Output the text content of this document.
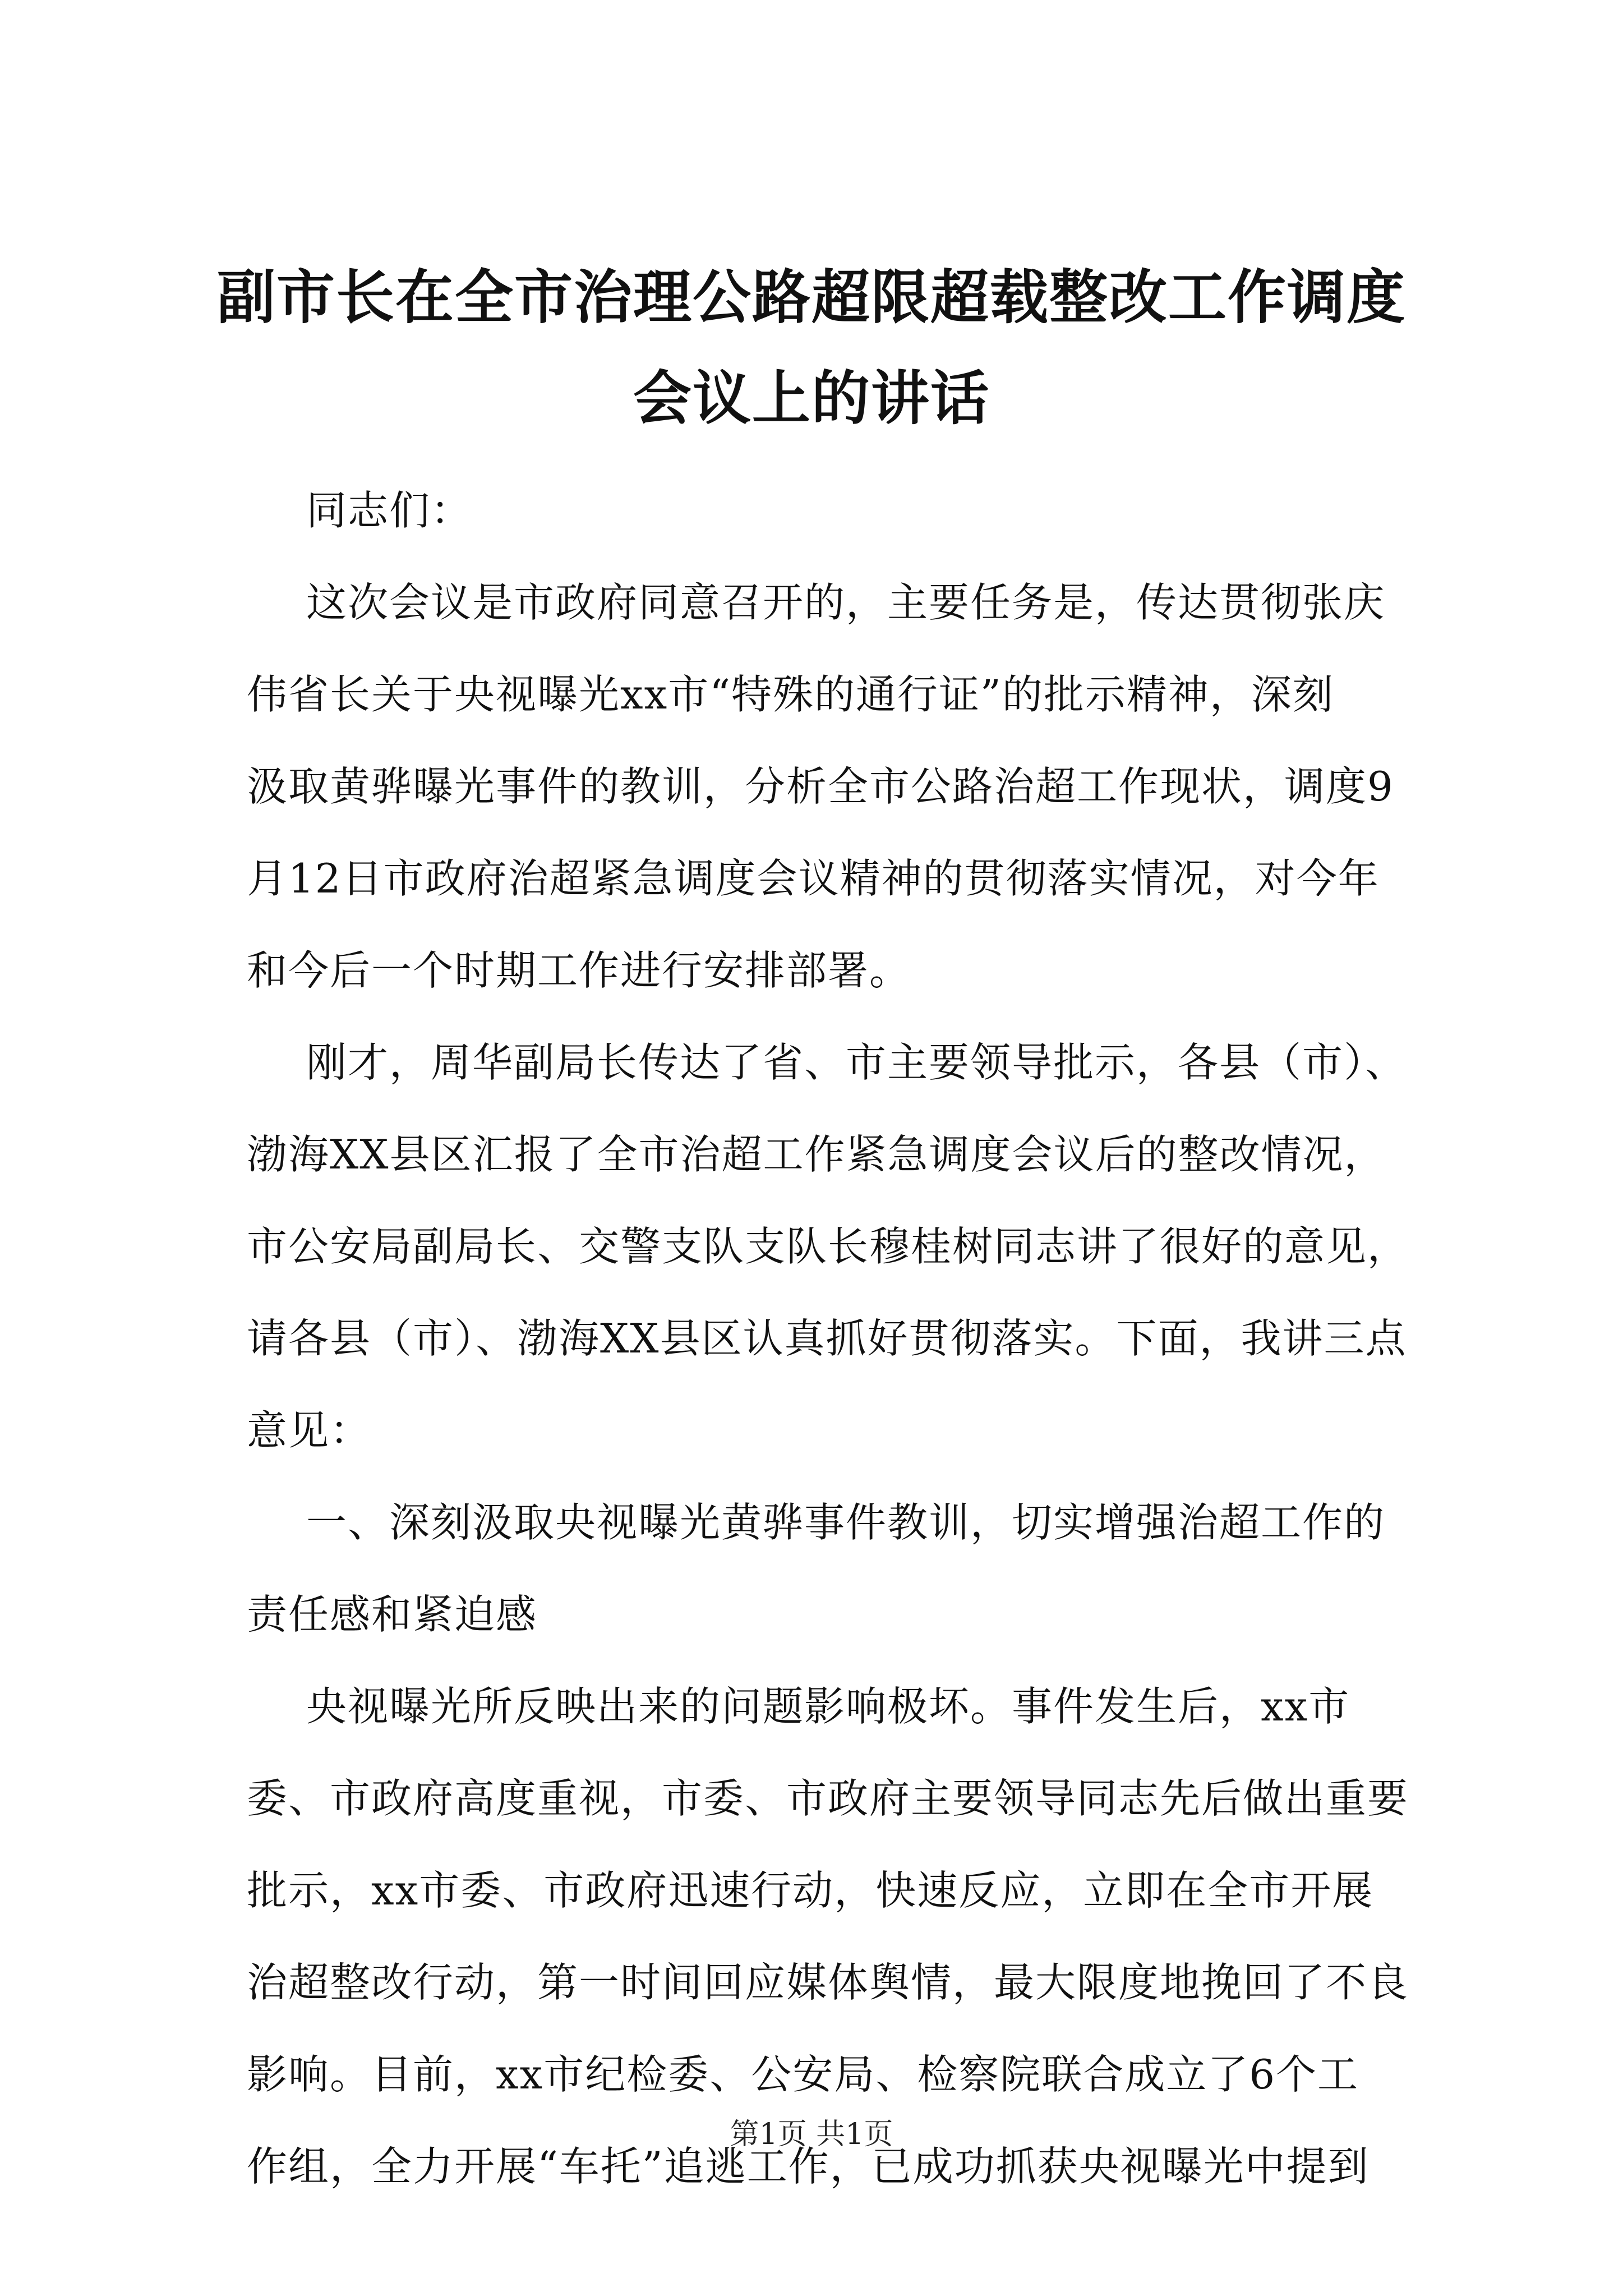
副市长在全市治理公路超限超载整改工作调度
会议上的讲话
同志们：
这次会议是市政府同意召开的，主要任务是，传达贯彻张庆
伟省长关于央视曝光xx市“特殊的通行证”的批示精神，深刻
汲取黄骅曝光事件的教训，分析全市公路治超工作现状，调度9
月12日市政府治超紧急调度会议精神的贯彻落实情况，对今年
和今后一个时期工作进行安排部署。
刚才，周华副局长传达了省、市主要领导批示，各县（市）、
渤海XX县区汇报了全市治超工作紧急调度会议后的整改情况，
市公安局副局长、交警支队支队长穆桂树同志讲了很好的意见，
请各县（市）、渤海XX县区认真抓好贯彻落实。下面，我讲三点
意见：
一、深刻汲取央视曝光黄骅事件教训，切实增强治超工作的
责任感和紧迫感
央视曝光所反映出来的问题影响极坏。事件发生后，xx市
委、市政府高度重视，市委、市政府主要领导同志先后做出重要
批示，xx市委、市政府迅速行动，快速反应，立即在全市开展
治超整改行动，第一时间回应媒体舆情，最大限度地挽回了不良
影响。目前，xx市纪检委、公安局、检察院联合成立了6个工
作组，全力开展“车托”追逃工作，已成功抓获央视曝光中提到
第1页 共1页
